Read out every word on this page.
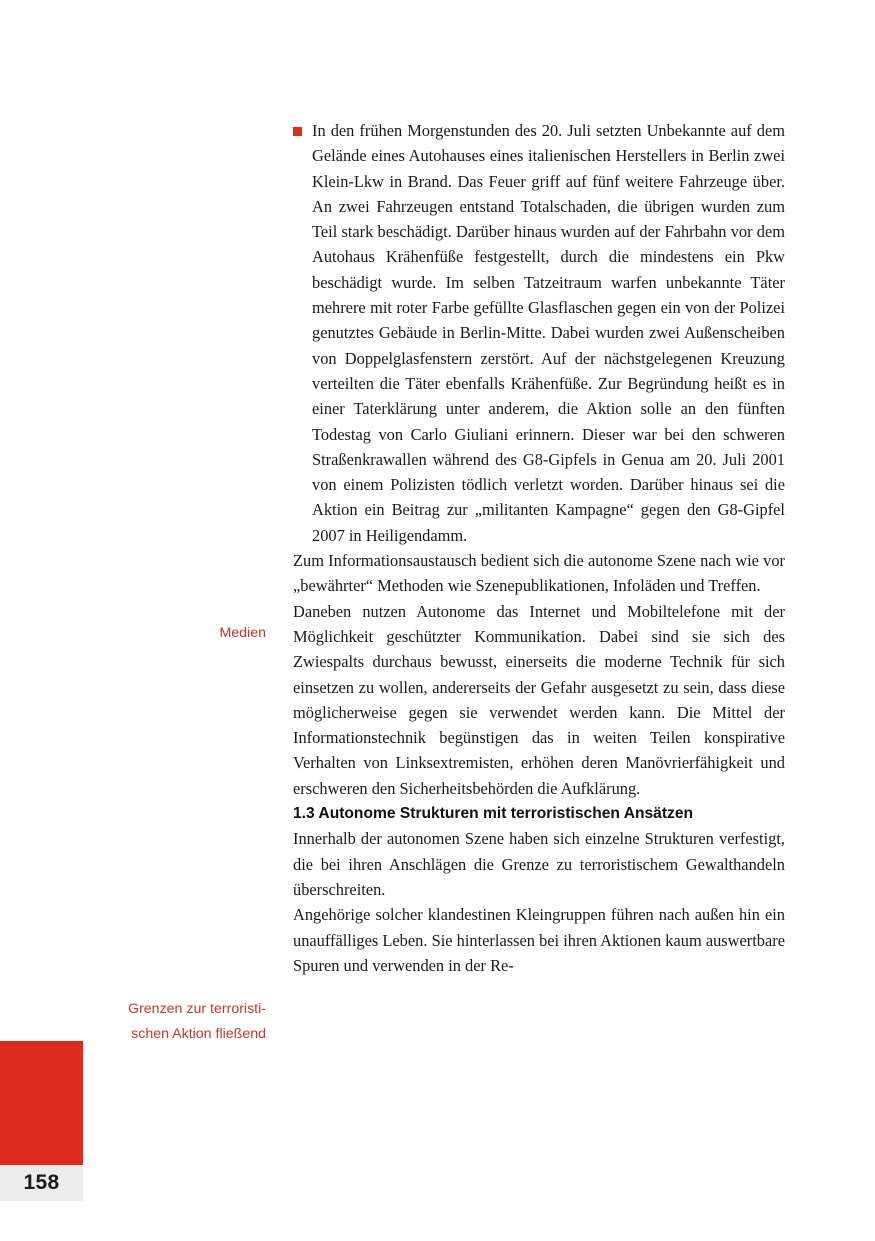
158
Medien
Grenzen zur terroristi-
schen Aktion fließend

In den frühen Morgenstunden des 20. Juli setzten Unbekannte auf dem Gelände eines Autohauses eines italienischen Herstellers in Berlin zwei Klein-Lkw in Brand. Das Feuer griff auf fünf weitere Fahrzeuge über. An zwei Fahrzeugen entstand Totalschaden, die übrigen wurden zum Teil stark beschädigt. Darüber hinaus wurden auf der Fahrbahn vor dem Autohaus Krähenfüße festgestellt, durch die mindestens ein Pkw beschädigt wurde. Im selben Tatzeitraum warfen unbekannte Täter mehrere mit roter Farbe gefüllte Glasflaschen gegen ein von der Polizei genutztes Gebäude in Berlin-Mitte. Dabei wurden zwei Außenscheiben von Doppelglasfenstern zerstört. Auf der nächstgelegenen Kreuzung verteilten die Täter ebenfalls Krähenfüße. Zur Begründung heißt es in einer Taterklärung unter anderem, die Aktion solle an den fünften Todestag von Carlo Giuliani erinnern. Dieser war bei den schweren Straßenkrawallen während des G8-Gipfels in Genua am 20. Juli 2001 von einem Polizisten tödlich verletzt worden. Darüber hinaus sei die Aktion ein Beitrag zur „militanten Kampagne“ gegen den G8-Gipfel 2007 in Heiligendamm.

Zum Informationsaustausch bedient sich die autonome Szene nach wie vor „bewährter“ Methoden wie Szenepublikationen, Infoläden und Treffen.

Daneben nutzen Autonome das Internet und Mobiltelefone mit der Möglichkeit geschützter Kommunikation. Dabei sind sie sich des Zwiespalts durchaus bewusst, einerseits die moderne Technik für sich einsetzen zu wollen, andererseits der Gefahr ausgesetzt zu sein, dass diese möglicherweise gegen sie verwendet werden kann. Die Mittel der Informationstechnik begünstigen das in weiten Teilen konspirative Verhalten von Linksextremisten, erhöhen deren Manövrierfähigkeit und erschweren den Sicherheitsbehörden die Aufklärung.

1.3 Autonome Strukturen mit terroristischen Ansätzen

Innerhalb der autonomen Szene haben sich einzelne Strukturen verfestigt, die bei ihren Anschlägen die Grenze zu terroristischem Gewalthandeln überschreiten.

Angehörige solcher klandestinen Kleingruppen führen nach außen hin ein unauffälliges Leben. Sie hinterlassen bei ihren Aktionen kaum auswertbare Spuren und verwenden in der Re-
